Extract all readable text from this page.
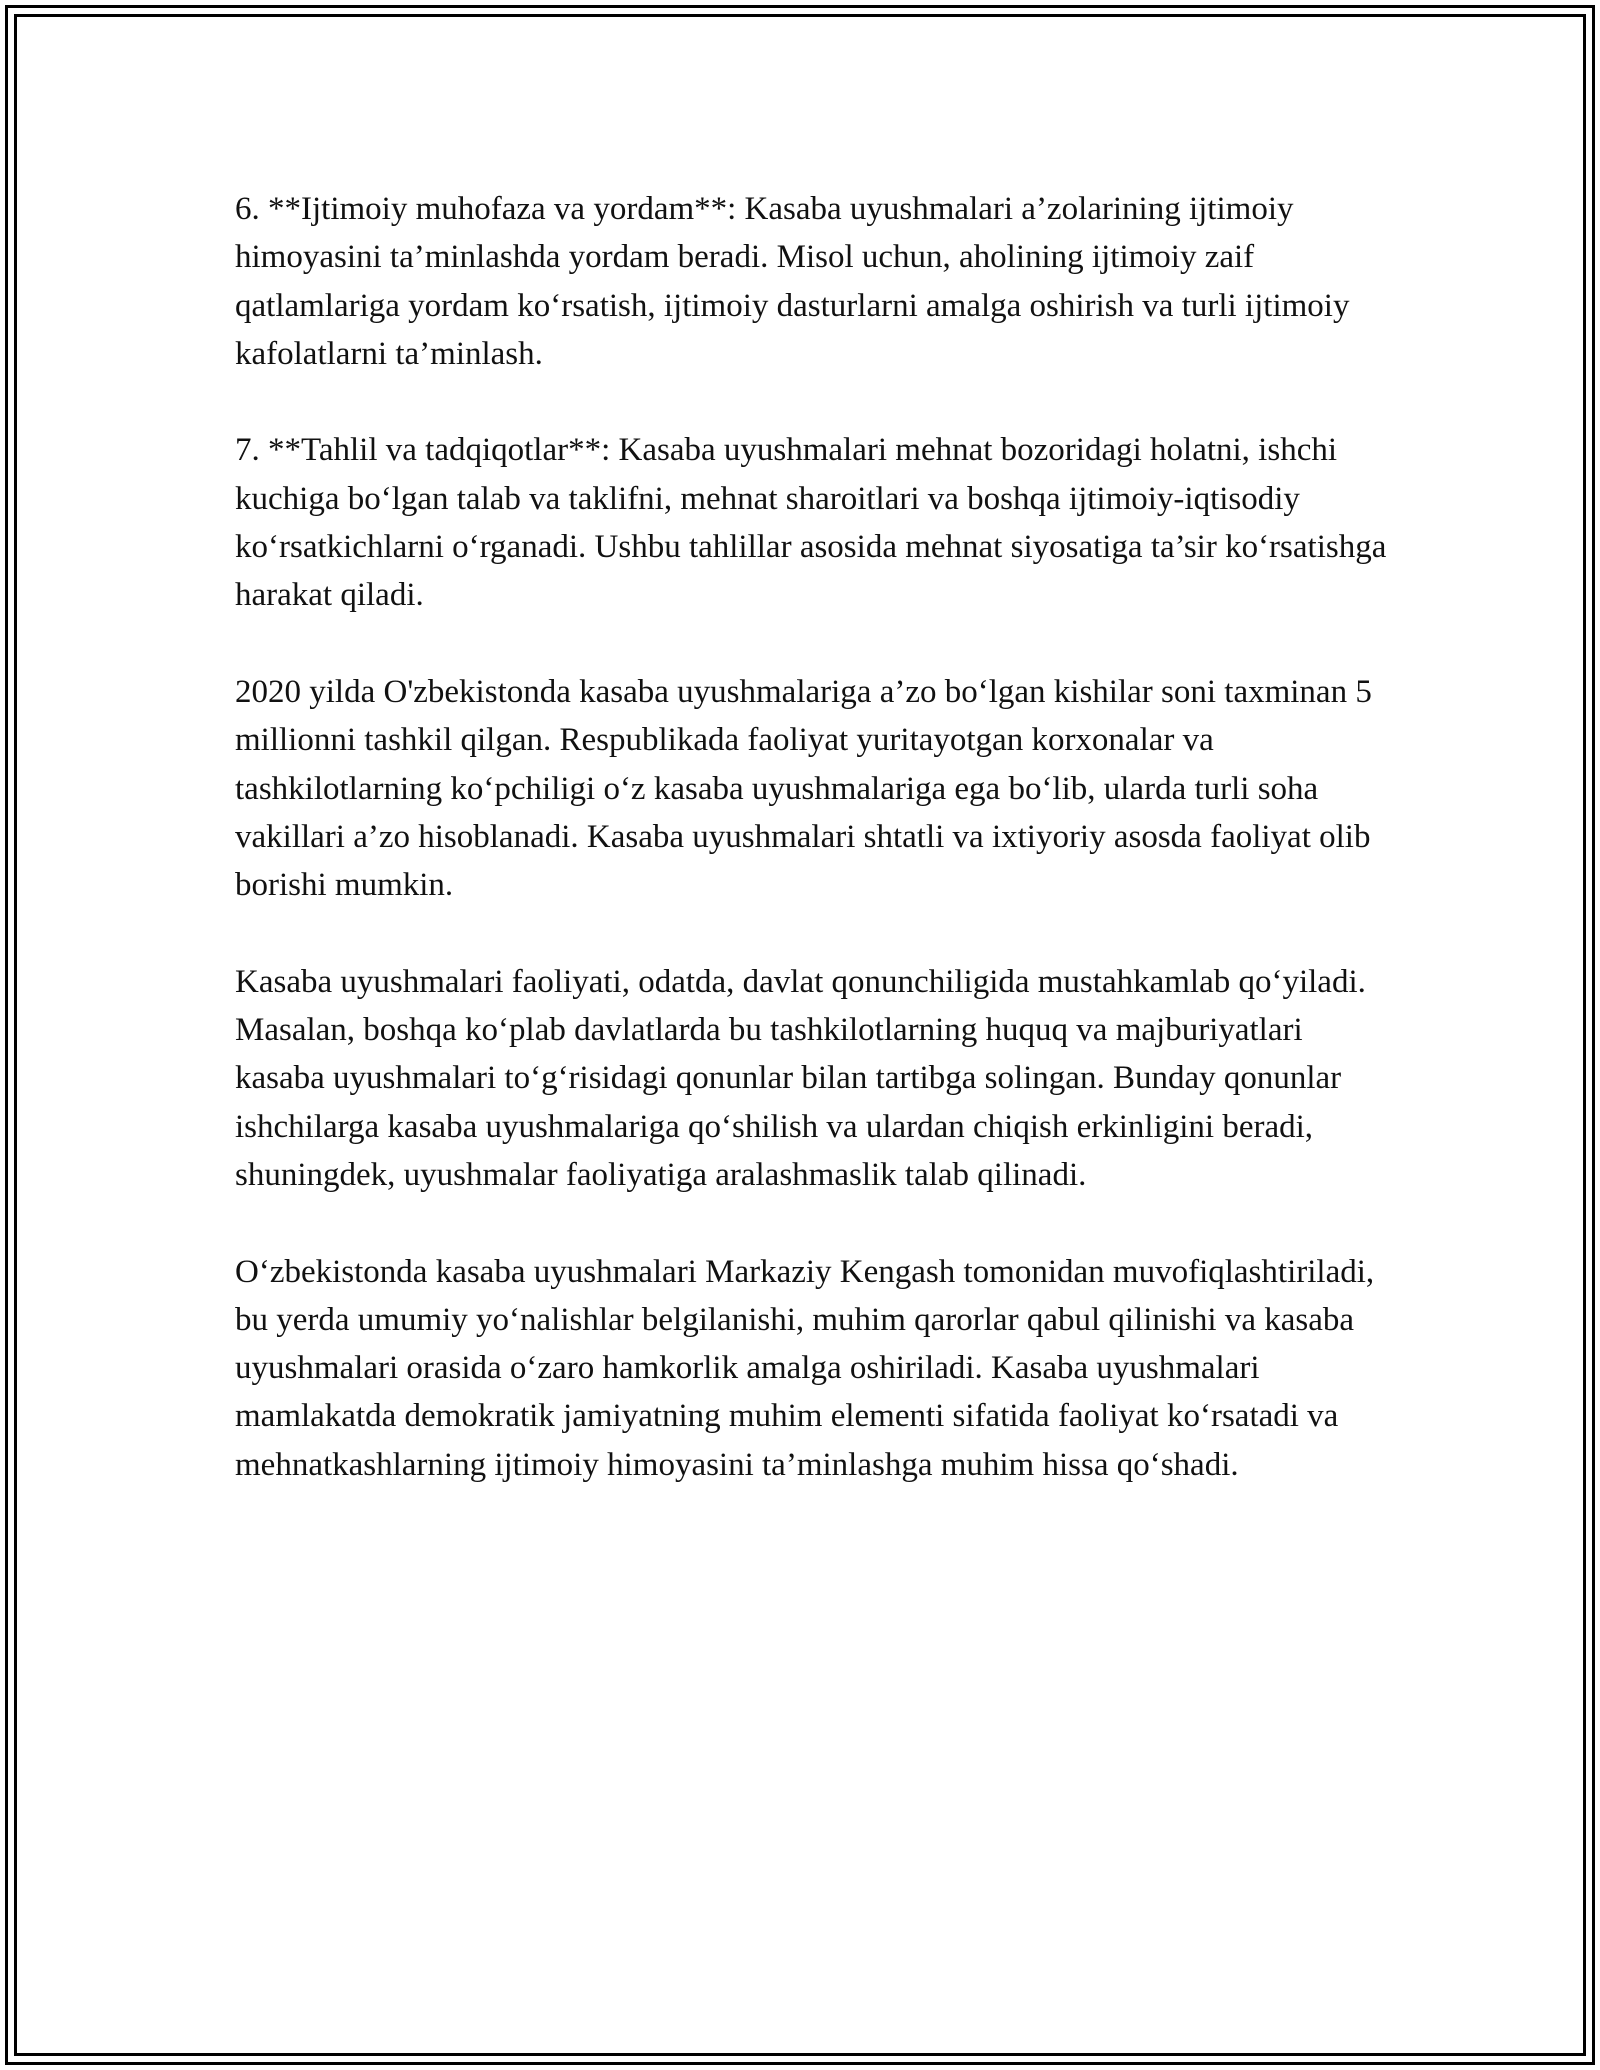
6. **Ijtimoiy muhofaza va yordam**: Kasaba uyushmalari a’zolarining ijtimoiy himoyasini ta’minlashda yordam beradi. Misol uchun, aholining ijtimoiy zaif qatlamlariga yordam ko‘rsatish, ijtimoiy dasturlarni amalga oshirish va turli ijtimoiy kafolatlarni ta’minlash.

7. **Tahlil va tadqiqotlar**: Kasaba uyushmalari mehnat bozoridagi holatni, ishchi kuchiga bo‘lgan talab va taklifni, mehnat sharoitlari va boshqa ijtimoiy-iqtisodiy ko‘rsatkichlarni o‘rganadi. Ushbu tahlillar asosida mehnat siyosatiga ta’sir ko‘rsatishga harakat qiladi.

2020 yilda O'zbekistonda kasaba uyushmalariga a’zo bo‘lgan kishilar soni taxminan 5 millionni tashkil qilgan. Respublikada faoliyat yuritayotgan korxonalar va tashkilotlarning ko‘pchiligi o‘z kasaba uyushmalariga ega bo‘lib, ularda turli soha vakillari a’zo hisoblanadi. Kasaba uyushmalari shtatli va ixtiyoriy asosda faoliyat olib borishi mumkin.

Kasaba uyushmalari faoliyati, odatda, davlat qonunchiligida mustahkamlab qo‘yiladi. Masalan, boshqa ko‘plab davlatlarda bu tashkilotlarning huquq va majburiyatlari kasaba uyushmalari to‘g‘risidagi qonunlar bilan tartibga solingan. Bunday qonunlar ishchilarga kasaba uyushmalariga qo‘shilish va ulardan chiqish erkinligini beradi, shuningdek, uyushmalar faoliyatiga aralashmaslik talab qilinadi.

O‘zbekistonda kasaba uyushmalari Markaziy Kengash tomonidan muvofiqlashtiriladi, bu yerda umumiy yo‘nalishlar belgilanishi, muhim qarorlar qabul qilinishi va kasaba uyushmalari orasida o‘zaro hamkorlik amalga oshiriladi. Kasaba uyushmalari mamlakatda demokratik jamiyatning muhim elementi sifatida faoliyat ko‘rsatadi va mehnatkashlarning ijtimoiy himoyasini ta’minlashga muhim hissa qo‘shadi.
